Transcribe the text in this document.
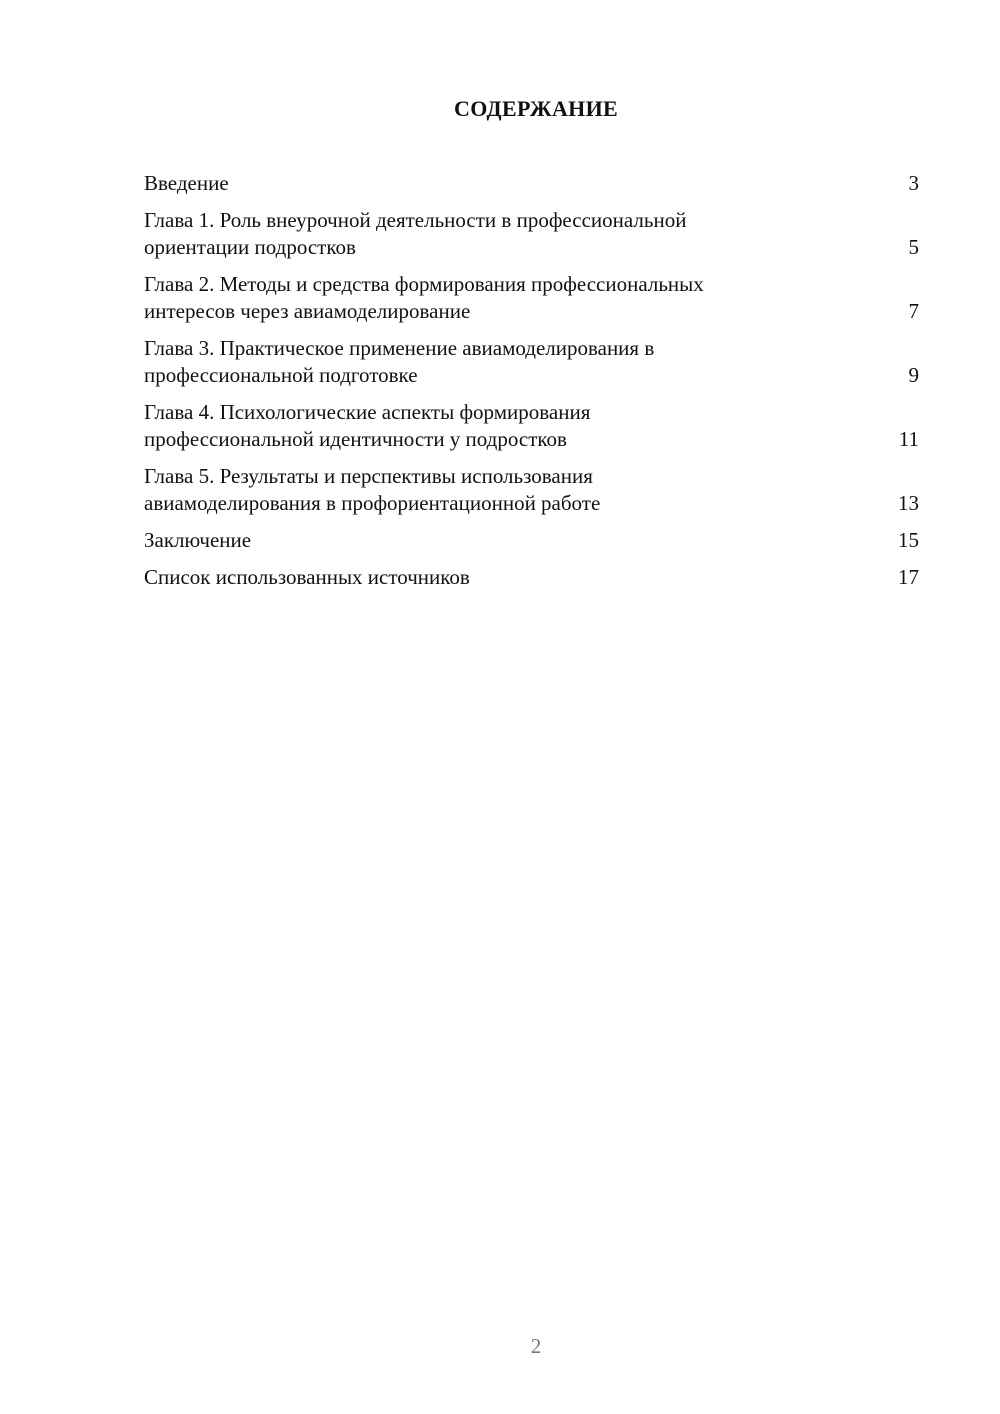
СОДЕРЖАНИЕ
Введение	3
Глава 1. Роль внеурочной деятельности в профессиональной
ориентации подростков	5
Глава 2. Методы и средства формирования профессиональных
интересов через авиамоделирование	7
Глава 3. Практическое применение авиамоделирования в
профессиональной подготовке	9
Глава 4. Психологические аспекты формирования
профессиональной идентичности у подростков	11
Глава 5. Результаты и перспективы использования
авиамоделирования в профориентационной работе	13
Заключение	15
Список использованных источников	17
2
